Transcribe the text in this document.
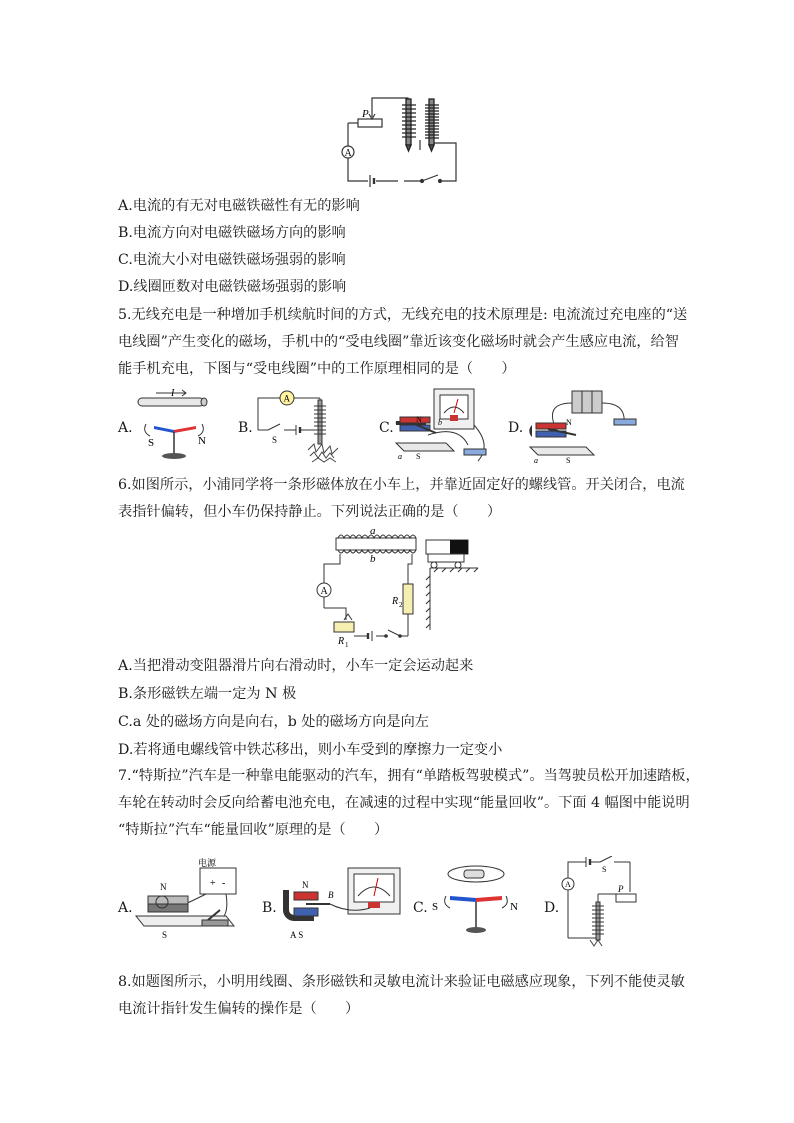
P
A
A.电流的有无对电磁铁磁性有无的影响
B.电流方向对电磁铁磁场方向的影响
C.电流大小对电磁铁磁场强弱的影响
D.线圈匝数对电磁铁磁场强弱的影响
5.无线充电是一种增加手机续航时间的方式，无线充电的技术原理是: 电流流过充电座的“送
电线圈”产生变化的磁场，手机中的“受电线圈”靠近该变化磁场时就会产生感应电流，给智
能手机充电，下图与“受电线圈”中的工作原理相同的是（　　）
A.	B.	C.	D.
I
S	N
A
S
N
S
a
b	N
S
a
6.如图所示，小浦同学将一条形磁体放在小车上，并靠近固定好的螺线管。开关闭合，电流
表指针偏转，但小车仍保持静止。下列说法正确的是（　　）
a
b
A
R 2
R 1
A.当把滑动变阻器滑片向右滑动时，小车一定会运动起来
B.条形磁铁左端一定为 N 极
C.a 处的磁场方向是向右，b 处的磁场方向是向左
D.若将通电螺线管中铁芯移出，则小车受到的摩擦力一定变小
7.“特斯拉”汽车是一种靠电能驱动的汽车，拥有“单踏板驾驶模式”。当驾驶员松开加速踏板，
车轮在转动时会反向给蓄电池充电，在减速的过程中实现“能量回收”。下面 4 幅图中能说明
“特斯拉”汽车“能量回收”原理的是（　　）
A.	B.	C.	D.
电源
+ -
N
S
N
B
A S
S	N
S
P
A
8.如题图所示，小明用线圈、条形磁铁和灵敏电流计来验证电磁感应现象，下列不能使灵敏
电流计指针发生偏转的操作是（　　）
